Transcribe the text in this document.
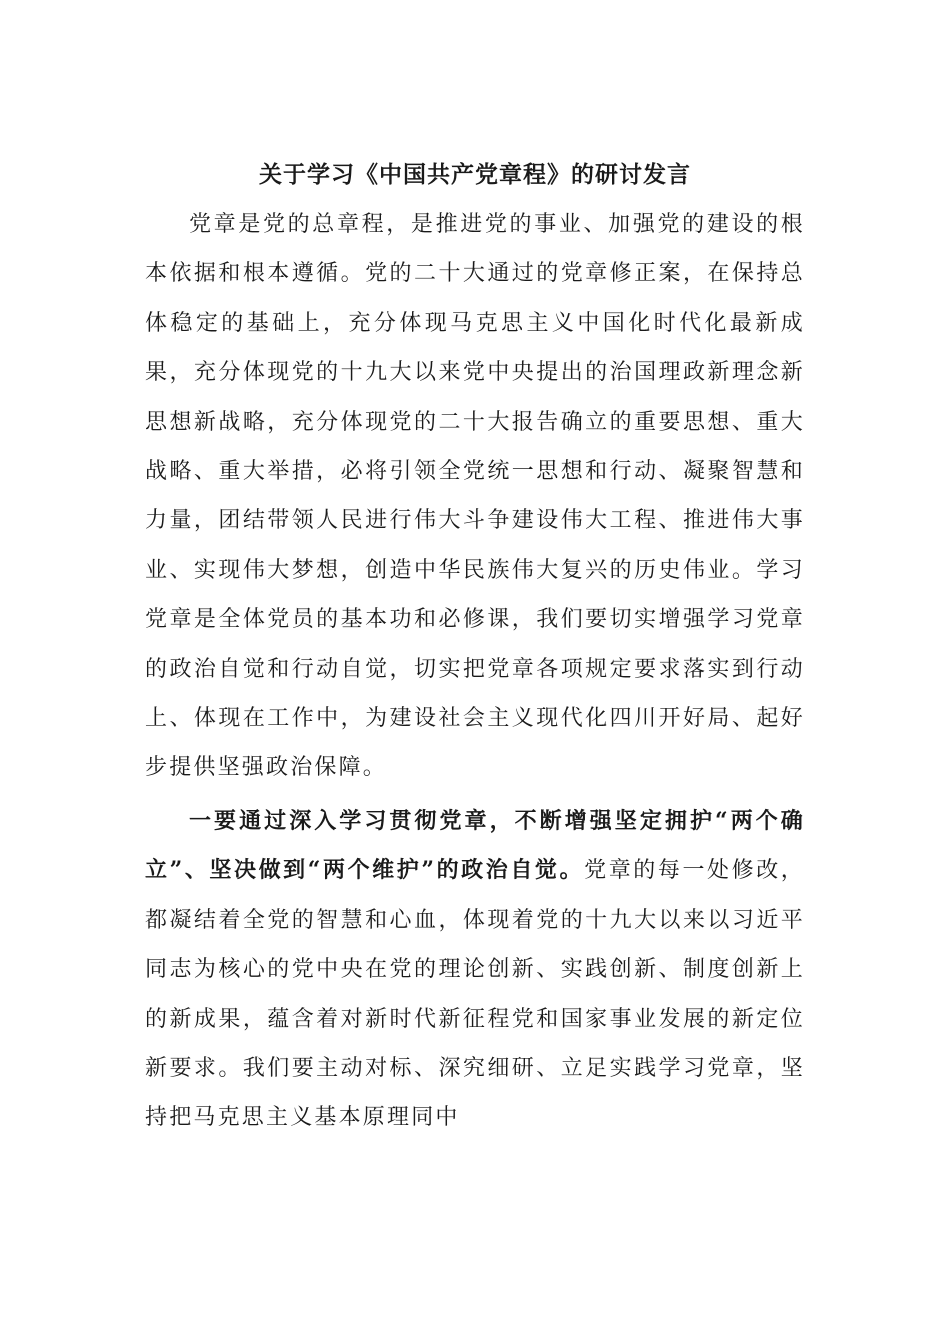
关于学习《中国共产党章程》的研讨发言

党章是党的总章程，是推进党的事业、加强党的建设的根本依据和根本遵循。党的二十大通过的党章修正案，在保持总体稳定的基础上，充分体现马克思主义中国化时代化最新成果，充分体现党的十九大以来党中央提出的治国理政新理念新思想新战略，充分体现党的二十大报告确立的重要思想、重大战略、重大举措，必将引领全党统一思想和行动、凝聚智慧和力量，团结带领人民进行伟大斗争建设伟大工程、推进伟大事业、实现伟大梦想，创造中华民族伟大复兴的历史伟业。学习党章是全体党员的基本功和必修课，我们要切实增强学习党章的政治自觉和行动自觉，切实把党章各项规定要求落实到行动上、体现在工作中，为建设社会主义现代化四川开好局、起好步提供坚强政治保障。

一要通过深入学习贯彻党章，不断增强坚定拥护“两个确立”、坚决做到“两个维护”的政治自觉。党章的每一处修改，都凝结着全党的智慧和心血，体现着党的十九大以来以习近平同志为核心的党中央在党的理论创新、实践创新、制度创新上的新成果，蕴含着对新时代新征程党和国家事业发展的新定位新要求。我们要主动对标、深究细研、立足实践学习党章，坚持把马克思主义基本原理同中
